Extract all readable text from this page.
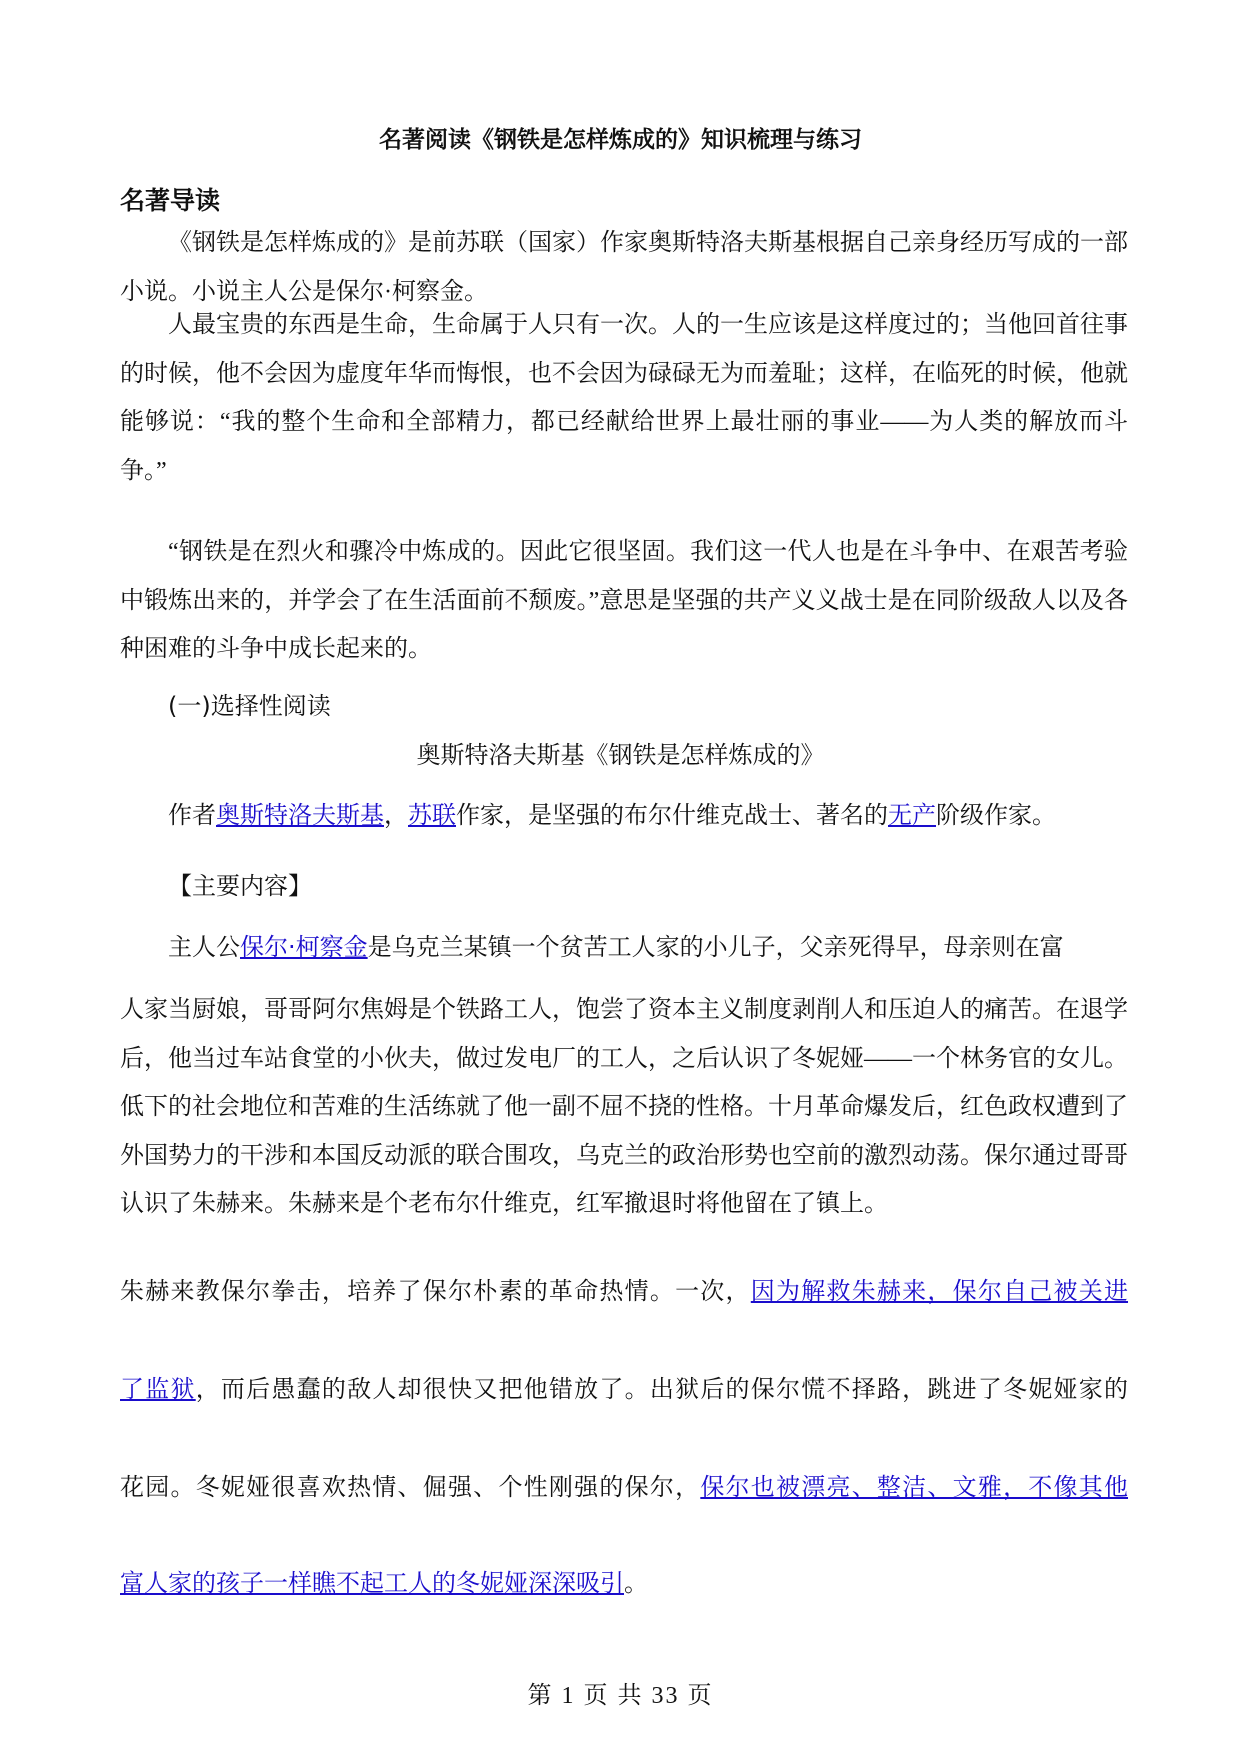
名著阅读《钢铁是怎样炼成的》知识梳理与练习
名著导读

《钢铁是怎样炼成的》是前苏联（国家）作家奥斯特洛夫斯基根据自己亲身经历写成的一部小说。小说主人公是保尔·柯察金。

人最宝贵的东西是生命，生命属于人只有一次。人的一生应该是这样度过的；当他回首往事的时候，他不会因为虚度年华而悔恨，也不会因为碌碌无为而羞耻；这样，在临死的时候，他就能够说：“我的整个生命和全部精力，都已经献给世界上最壮丽的事业——为人类的解放而斗争。”

“钢铁是在烈火和骤冷中炼成的。因此它很坚固。我们这一代人也是在斗争中、在艰苦考验中锻炼出来的，并学会了在生活面前不颓废。”意思是坚强的共产义义战士是在同阶级敌人以及各种困难的斗争中成长起来的。

(一)选择性阅读
奥斯特洛夫斯基《钢铁是怎样炼成的》
作者奥斯特洛夫斯基，苏联作家，是坚强的布尔什维克战士、著名的无产阶级作家。
【主要内容】
主人公保尔·柯察金是乌克兰某镇一个贫苦工人家的小儿子，父亲死得早，母亲则在富

人家当厨娘，哥哥阿尔焦姆是个铁路工人，饱尝了资本主义制度剥削人和压迫人的痛苦。在退学后，他当过车站食堂的小伙夫，做过发电厂的工人，之后认识了冬妮娅——一个林务官的女儿。低下的社会地位和苦难的生活练就了他一副不屈不挠的性格。十月革命爆发后，红色政权遭到了外国势力的干涉和本国反动派的联合围攻，乌克兰的政治形势也空前的激烈动荡。保尔通过哥哥认识了朱赫来。朱赫来是个老布尔什维克，红军撤退时将他留在了镇上。

朱赫来教保尔拳击，培养了保尔朴素的革命热情。一次，因为解救朱赫来，保尔自己被关进
了监狱，而后愚蠢的敌人却很快又把他错放了。出狱后的保尔慌不择路，跳进了冬妮娅家的
花园。冬妮娅很喜欢热情、倔强、个性刚强的保尔，保尔也被漂亮、整洁、文雅，不像其他
富人家的孩子一样瞧不起工人的冬妮娅深深吸引。
第 1 页 共 33 页
